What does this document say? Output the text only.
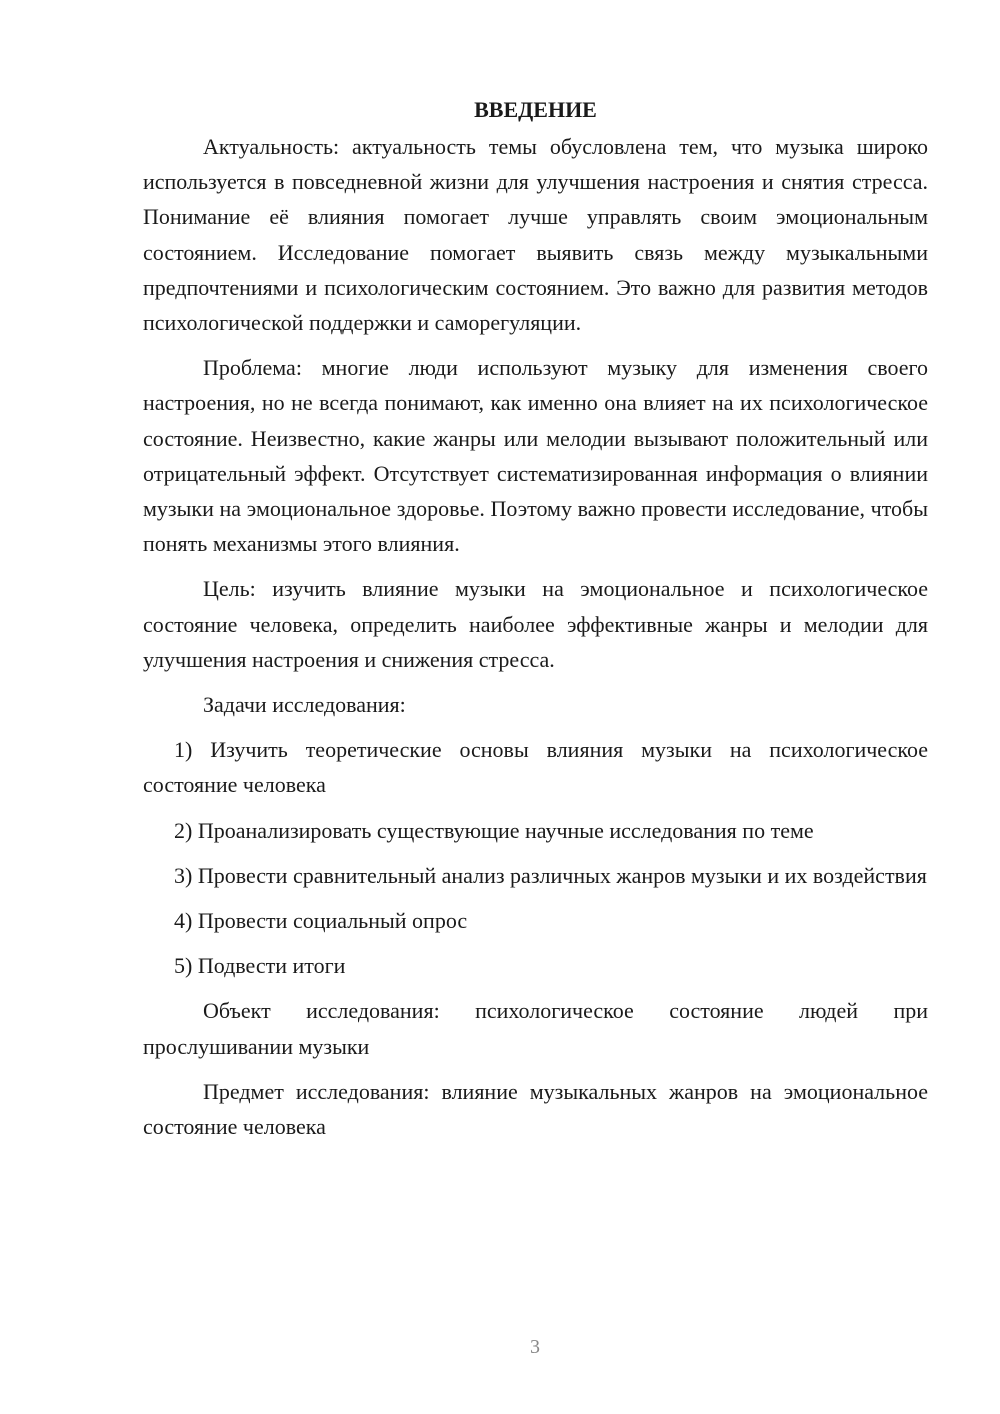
ВВЕДЕНИЕ

Актуальность: актуальность темы обусловлена тем, что музыка широко используется в повседневной жизни для улучшения настроения и снятия стресса. Понимание её влияния помогает лучше управлять своим эмоциональным состоянием. Исследование помогает выявить связь между музыкальными предпочтениями и психологическим состоянием. Это важно для развития методов психологической поддержки и саморегуляции.

Проблема: многие люди используют музыку для изменения своего настроения, но не всегда понимают, как именно она влияет на их психологическое состояние. Неизвестно, какие жанры или мелодии вызывают положительный или отрицательный эффект. Отсутствует систематизированная информация о влиянии музыки на эмоциональное здоровье. Поэтому важно провести исследование, чтобы понять механизмы этого влияния.

Цель: изучить влияние музыки на эмоциональное и психологическое состояние человека, определить наиболее эффективные жанры и мелодии для улучшения настроения и снижения стресса.

Задачи исследования:

1) Изучить теоретические основы влияния музыки на психологическое состояние человека

2) Проанализировать существующие научные исследования по теме

3) Провести сравнительный анализ различных жанров музыки и их воздействия

4) Провести социальный опрос

5) Подвести итоги

Объект исследования: психологическое состояние людей при прослушивании музыки

Предмет исследования: влияние музыкальных жанров на эмоциональное состояние человека

3
